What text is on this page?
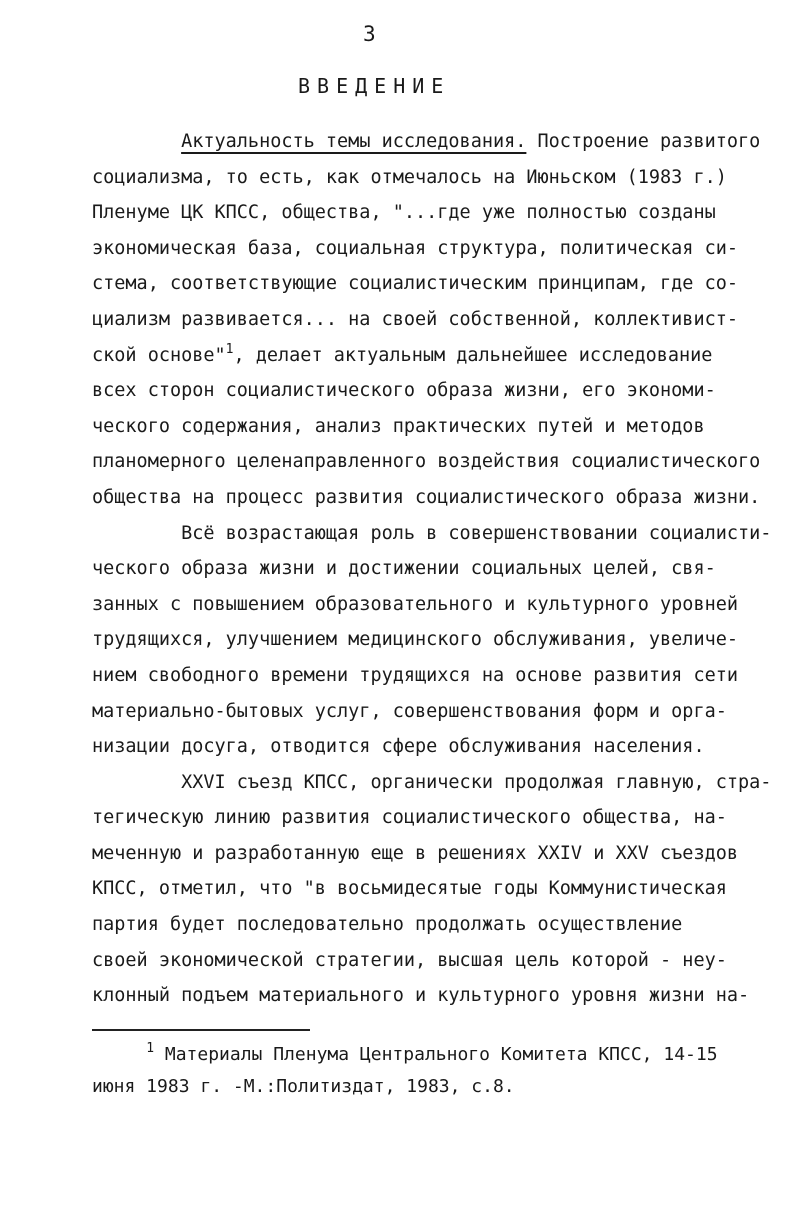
3
ВВЕДЕНИЕ
Актуальность темы исследования. Построение развитого
социализма, то есть, как отмечалось на Июньском (1983 г.)
Пленуме ЦК КПСС, общества, "...где уже полностью созданы
экономическая база, социальная структура, политическая си-
стема, соответствующие социалистическим принципам, где со-
циализм развивается... на своей собственной, коллективист-
ской основе"$^1$, делает актуальным дальнейшее исследование
всех сторон социалистического образа жизни, его экономи-
ческого содержания, анализ практических путей и методов
планомерного целенаправленного воздействия социалистического
общества на процесс развития социалистического образа жизни.
Всё возрастающая роль в совершенствовании социалисти-
ческого образа жизни и достижении социальных целей, свя-
занных с повышением образовательного и культурного уровней
трудящихся, улучшением медицинского обслуживания, увеличе-
нием свободного времени трудящихся на основе развития сети
материально-бытовых услуг, совершенствования форм и орга-
низации досуга, отводится сфере обслуживания населения.
XXVI съезд КПСС, органически продолжая главную, стра-
тегическую линию развития социалистического общества, на-
меченную и разработанную еще в решениях XXIV и XXV съездов
КПСС, отметил, что "в восьмидесятые годы Коммунистическая
партия будет последовательно продолжать осуществление
своей экономической стратегии, высшая цель которой - неу-
клонный подъем материального и культурного уровня жизни на-
$^1$ Материалы Пленума Центрального Комитета КПСС, 14-15
июня 1983 г. -М.:Политиздат, 1983, с.8.
